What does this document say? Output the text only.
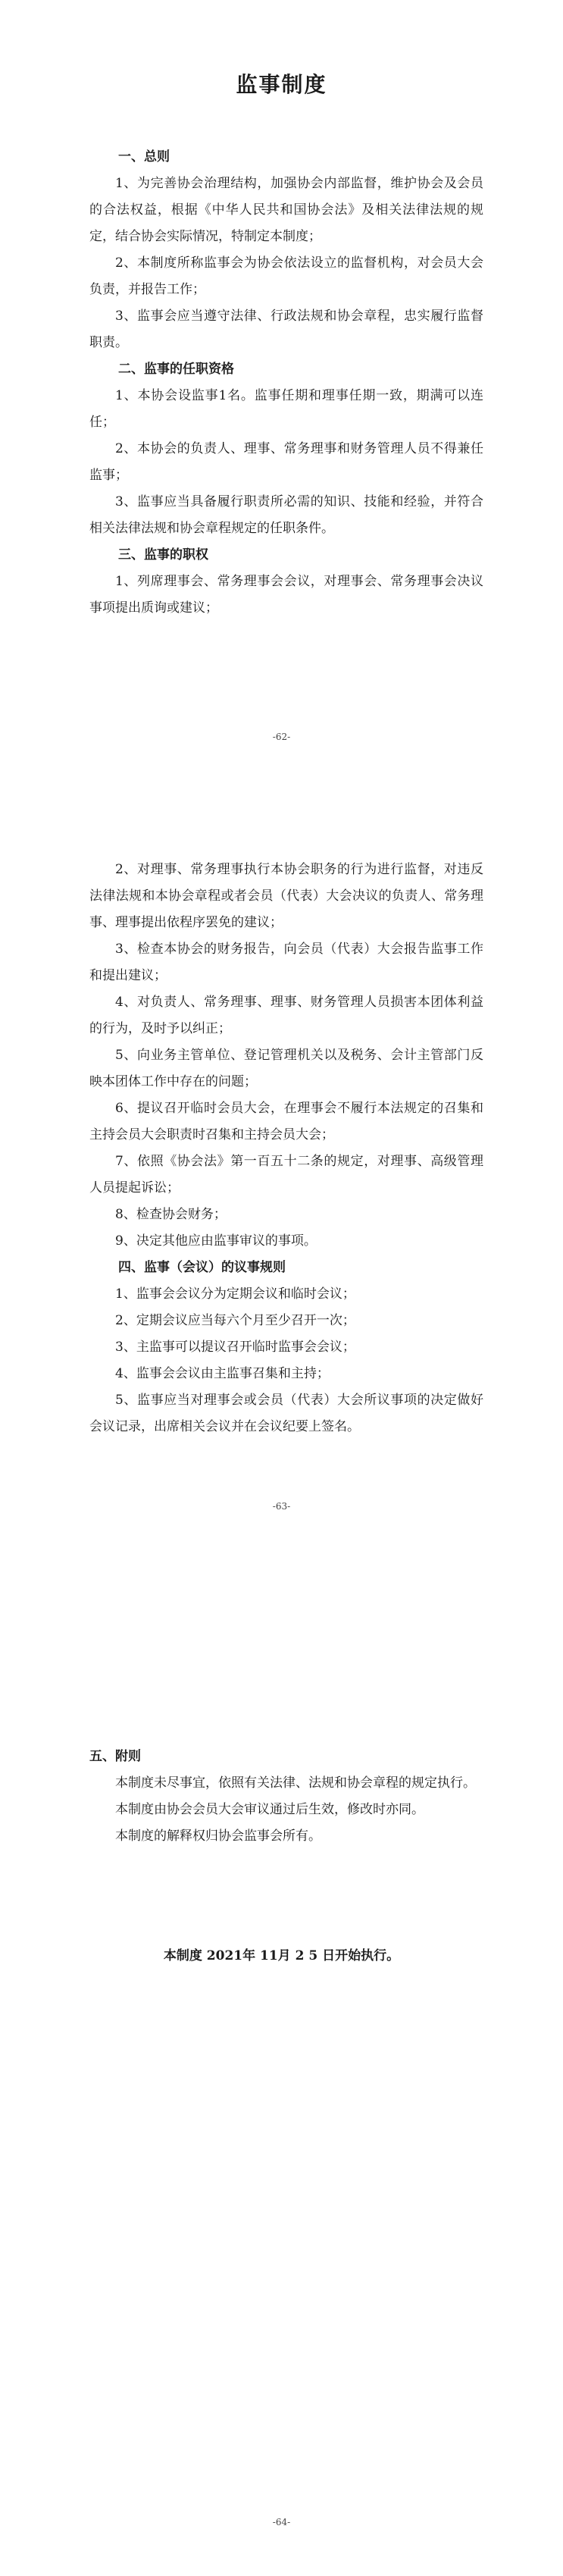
监事制度

一、总则

1、为完善协会治理结构，加强协会内部监督，维护协会及会员的合法权益，根据《中华人民共和国协会法》及相关法律法规的规定，结合协会实际情况，特制定本制度；

2、本制度所称监事会为协会依法设立的监督机构，对会员大会负责，并报告工作；

3、监事会应当遵守法律、行政法规和协会章程，忠实履行监督职责。

二、监事的任职资格

1、本协会设监事1名。监事任期和理事任期一致，期满可以连任；

2、本协会的负责人、理事、常务理事和财务管理人员不得兼任监事；

3、监事应当具备履行职责所必需的知识、技能和经验，并符合相关法律法规和协会章程规定的任职条件。

三、监事的职权

1、列席理事会、常务理事会会议，对理事会、常务理事会决议事项提出质询或建议；

-62-

2、对理事、常务理事执行本协会职务的行为进行监督，对违反法律法规和本协会章程或者会员（代表）大会决议的负责人、常务理事、理事提出依程序罢免的建议；

3、检查本协会的财务报告，向会员（代表）大会报告监事工作和提出建议；

4、对负责人、常务理事、理事、财务管理人员损害本团体利益的行为，及时予以纠正；

5、向业务主管单位、登记管理机关以及税务、会计主管部门反映本团体工作中存在的问题；

6、提议召开临时会员大会，在理事会不履行本法规定的召集和主持会员大会职责时召集和主持会员大会；

7、依照《协会法》第一百五十二条的规定，对理事、高级管理人员提起诉讼；

8、检查协会财务；

9、决定其他应由监事审议的事项。

四、监事（会议）的议事规则

1、监事会会议分为定期会议和临时会议；

2、定期会议应当每六个月至少召开一次；

3、主监事可以提议召开临时监事会会议；

4、监事会会议由主监事召集和主持；

5、监事应当对理事会或会员（代表）大会所议事项的决定做好会议记录，出席相关会议并在会议纪要上签名。

-63-

五、附则

本制度未尽事宜，依照有关法律、法规和协会章程的规定执行。

本制度由协会会员大会审议通过后生效，修改时亦同。

本制度的解释权归协会监事会所有。

本制度 2021年 11月 2 5 日开始执行。
-64-
